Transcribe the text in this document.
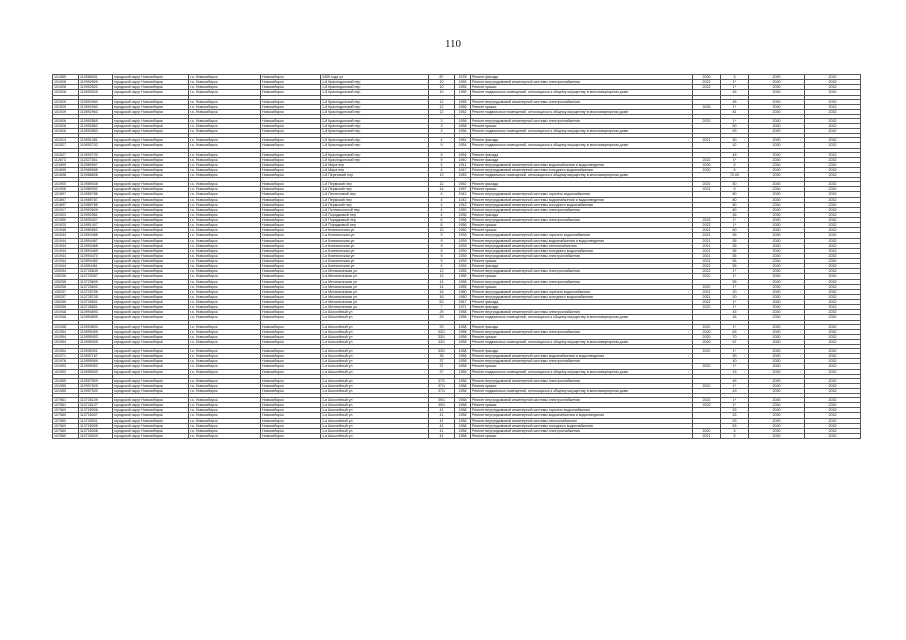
110
101585	110988391	городской округ Новосибирск	г.о. Новосибирск	Новосибирск	1905 года ул	87	1978	Ремонт фасада	2030	3	2030	2032
101928	110992809	городской округ Новосибирск	г.о. Новосибирск	Новосибирск	1-й Краснодонский пер	10	1955	Ремонт внутридомовой инженерной системы электроснабжения	2022	1*	2030	2032
101928	110992822	городской округ Новосибирск	г.о. Новосибирск	Новосибирск	1-й Краснодонский пер	10	1955	Ремонт крыши	2022	1*	2030	2032
101928	110993025	городской округ Новосибирск	г.о. Новосибирск	Новосибирск	1-й Краснодонский пер	10	1955	Ремонт подвальных помещений, относящихся к общему имуществу в многоквартирном доме		45	2030	2032

101929	110992960	городской округ Новосибирск	г.о. Новосибирск	Новосибирск	1-й Краснодонский пер	12	1955	Ремонт внутридомовой инженерной системы электроснабжения		45	2030	2032
101929	110992962	городской округ Новосибирск	г.о. Новосибирск	Новосибирск	1-й Краснодонский пер	12	1955	Ремонт крыши	2025	1*	2030	2032
101929	110992963	городской округ Новосибирск	г.о. Новосибирск	Новосибирск	1-й Краснодонский пер	12	1952	Ремонт подвальных помещений, относящихся к общему имуществу в многоквартирном доме		81	2030	2032

101926	110992869	городской округ Новосибирск	г.о. Новосибирск	Новосибирск	1-й Краснодонский пер	3	1958	Ремонт внутридомовой инженерной системы электроснабжения	2022	1*	2030	2032
101926	110992862	городской округ Новосибирск	г.о. Новосибирск	Новосибирск	1-й Краснодонский пер	3	1958	Ремонт крыши		50	2030	2032
101926	110992863	городской округ Новосибирск	г.о. Новосибирск	Новосибирск	1-й Краснодонский пер	3	1958	Ремонт подвальных помещений, относящихся к общему имуществу в многоквартирном доме		63	2030	2032

101514	110991481	городской округ Новосибирск	г.о. Новосибирск	Новосибирск	1-й Краснодонский пер	4	1952	Ремонт фасада	2021	50	2030	2032
101527	110992702	городской округ Новосибирск	г.о. Новосибирск	Новосибирск	1-й Краснодонский пер	9	1954	Ремонт подвальных помещений, относящихся к общему имуществу в многоквартирном доме		42	2030	2032

101527	110992703	городской округ Новосибирск	г.о. Новосибирск	Новосибирск	1-й Краснодонский пер	9	1954	Ремонт фасада		45	2030	2032
112673	111527381	городской округ Новосибирск	г.о. Новосибирск	Новосибирск	1-й Краснодонский пер	9	1940	Ремонт фасада	2022	1*	2030	2032
101895	110989557	городской округ Новосибирск	г.о. Новосибирск	Новосибирск	1-й Мира пер	4	1941	Ремонт внутридомовой инженерной системы водоснабжения и водоотведения	2030	5	2030	2032
101895	110989565	городской округ Новосибирск	г.о. Новосибирск	Новосибирск	1-й Мира пер	4	1947	Ремонт внутридомовой инженерной системы холодного водоснабжения	2030	5	2030	2032
101898	110988608	городской округ Новосибирск	г.о. Новосибирск	Новосибирск	1-й Перенский пер	10	1953	Ремонт подвальных помещений, относящихся к общему имуществу в многоквартирном доме		70.00	2030	2032

101900	110989048	городской округ Новосибирск	г.о. Новосибирск	Новосибирск	1-й Пермский пер	12	1952	Ремонт фасада	2021	80	2030	2032
101906	110989052	городской округ Новосибирск	г.о. Новосибирск	Новосибирск	1-й Пермский пер	14	1957	Ремонт крыши	2021	5	2030	2032
101897	110989786	городской округ Новосибирск	г.о. Новосибирск	Новосибирск	1-й Пестеловый пер	4	1942	Ремонт внутридомовой инженерной системы горячего водоснабжения		80	2030	2032
101897	110989787	городской округ Новосибирск	г.о. Новосибирск	Новосибирск	1-й Пермский пер	4	1942	Ремонт внутридомовой инженерной системы водоснабжения и водоотведения		80	2030	2032
101897	110989785	городской округ Новосибирск	г.о. Новосибирск	Новосибирск	1-й Пермский пер	4	1942	Ремонт внутридомовой инженерной системы холодного водоснабжения		80	2030	2032
101917	110992609	городской округ Новосибирск	г.о. Новосибирск	Новосибирск	1-й Почтальонный пер	4	1950	Ремонт внутридомовой инженерной системы электроснабжения		80	2030	2032
101923	110992561	городской округ Новосибирск	г.о. Новосибирск	Новосибирск	1-й Порядковый пер	4	1936	Ремонт фасада		45	2030	2032
101950	110993407	городской округ Новосибирск	г.о. Новосибирск	Новосибирск	1-й Порядковый пер	6	1956	Ремонт внутридомовой инженерной системы электроснабжения	2022	1*	2030	2032
101920	110991407	городской округ Новосибирск	г.о. Новосибирск	Новосибирск	1-й Порядковый пер	6	1956	Ремонт крыши	2022	1*	2030	2032
101948	110989562	городской округ Новосибирск	г.о. Новосибирск	Новосибирск	1-я Клиническая ул	12	1960	Ремонт крыши	2021	60	2030	2032
101944	110994466	городской округ Новосибирск	г.о. Новосибирск	Новосибирск	1-я Клиническая ул	9	1939	Ремонт внутридомовой инженерной системы горячего водоснабжения	2021	55	2030	2032
101944	110994467	городской округ Новосибирск	г.о. Новосибирск	Новосибирск	1-я Клиническая ул	9	1939	Ремонт внутридомовой инженерной системы водоснабжения и водоотведения	2021	55	2030	2032
101944	110994468	городской округ Новосибирск	г.о. Новосибирск	Новосибирск	1-я Клиническая ул	9	1939	Ремонт внутридомовой инженерной системы теплоснабжения	2021	55	2030	2032
101944	110994469	городской округ Новосибирск	г.о. Новосибирск	Новосибирск	1-я Клиническая ул	9	1939	Ремонт внутридомовой инженерной системы холодного водоснабжения	2021	55	2030	2032
101944	110994470	городской округ Новосибирск	г.о. Новосибирск	Новосибирск	1-я Клиническая ул	9	1939	Ремонт внутридомовой инженерной системы электроснабжения	2021	55	2030	2032
101944	110994462	городской округ Новосибирск	г.о. Новосибирск	Новосибирск	1-я Клиническая ул	9	1939	Ремонт крыши	2021	55	2030	2032
101944	110994461	городской округ Новосибирск	г.о. Новосибирск	Новосибирск	1-я Клиническая ул	9	1939	Ремонт фасада	2021	55	2030	2032
105254	110725649	городской округ Новосибирск	г.о. Новосибирск	Новосибирск	1-я Механическая ул	12	1955	Ремонт внутридомовой инженерной системы электроснабжения	2022	1*	2030	2032
105256	110725457	городской округ Новосибирск	г.о. Новосибирск	Новосибирск	1-я Механическая ул	12	1955	Ремонт крыши	2022	1*	2030	2032
105256	110725609	городской округ Новосибирск	г.о. Новосибирск	Новосибирск	1-я Механическая ул	14	1958	Ремонт внутридомовой инженерной системы электроснабжения		55	2030	2032
105256	110725602	городской округ Новосибирск	г.о. Новосибирск	Новосибирск	1-я Механическая ул	14	1955	Ремонт крыши	2022	1*	2030	2032
105257	110725706	городской округ Новосибирск	г.о. Новосибирск	Новосибирск	1-я Механическая ул	16	1960	Ремонт внутридомовой инженерной системы горячего водоснабжения	2021	20	2030	2032
105257	110725705	городской округ Новосибирск	г.о. Новосибирск	Новосибирск	1-я Механическая ул	16	1960	Ремонт внутридомовой инженерной системы холодного водоснабжения	2021	20	2030	2032
105260	110726601	городской округ Новосибирск	г.о. Новосибирск	Новосибирск	1-я Механическая ул	3/1	1947	Ремонт фасада	2022	1*	2030	2032
105256	110726801	городской округ Новосибирск	г.о. Новосибирск	Новосибирск	1-я Механическая ул	7	1971	Ремонт фасада	2022	1*	2030	2032
101948	110994893	городской округ Новосибирск	г.о. Новосибирск	Новосибирск	1-я Шоссейный ул	29	1958	Ремонт внутридомовой инженерной системы электроснабжения		45	2030	2032
101948	110994895	городской округ Новосибирск	г.о. Новосибирск	Новосибирск	1-я Шоссейный ул	29	1958	Ремонт подвальных помещений, относящихся к общему имуществу в многоквартирном доме		45	2030	2032

101948	110994894	городской округ Новосибирск	г.о. Новосибирск	Новосибирск	1-я Шоссейный ул	29	1958	Ремонт фасада	2022	1*	2030	2032
101954	110995409	городской округ Новосибирск	г.о. Новосибирск	Новосибирск	1-я Шоссейный ул	33/1	1958	Ремонт внутридомовой инженерной системы электроснабжения	2020	63	2030	2032
101954	110995403	городской округ Новосибирск	г.о. Новосибирск	Новосибирск	1-я Шоссейный ул	33/1	1958	Ремонт крыши	2020	70	2030	2032
101954	110995405	городской округ Новосибирск	г.о. Новосибирск	Новосибирск	1-я Шоссейный ул	33/1	1958	Ремонт подвальных помещений, относящихся к общему имуществу в многоквартирном доме	2020	67	2030	2032

101954	110995401	городской округ Новосибирск	г.о. Новосибирск	Новосибирск	1-я Шоссейный ул	33/1	1958	Ремонт фасада	2022	1*	2030	2032
101971	110997167	городской округ Новосибирск	г.о. Новосибирск	Новосибирск	1-я Шоссейный ул	35	1956	Ремонт внутридомовой инженерной системы водоснабжения и водоотведения		90	2030	2032
101976	110995069	городской округ Новосибирск	г.о. Новосибирск	Новосибирск	1-я Шоссейный ул	37	1958	Ремонт внутридомовой инженерной системы электроснабжения		40	2030	2032
101993	110995052	городской округ Новосибирск	г.о. Новосибирск	Новосибирск	1-я Шоссейный ул	37	1958	Ремонт крыши	2022	1*	2030	2032
101993	110995003	городской округ Новосибирск	г.о. Новосибирск	Новосибирск	1-я Шоссейный ул	37	1958	Ремонт подвальных помещений, относящихся к общему имуществу в многоквартирном доме		43	2030	2032

101955	110997509	городской округ Новосибирск	г.о. Новосибирск	Новосибирск	1-я Шоссейный ул	37/1	1958	Ремонт внутридомовой инженерной системы электроснабжения		45	2030	2032
101955	110997505	городской округ Новосибирск	г.о. Новосибирск	Новосибирск	1-я Шоссейный ул	37/1	1958	Ремонт крыши	2022	1*	2030	2032
101955	110997503	городской округ Новосибирск	г.о. Новосибирск	Новосибирск	1-я Шоссейный ул	37/1	1958	Ремонт подвальных помещений, относящихся к общему имуществу в многоквартирном доме		43	2030	2032

107561	110726109	городской округ Новосибирск	г.о. Новосибирск	Новосибирск	1-я Шоссейный ул	39/1	1958	Ремонт внутридомовой инженерной системы электроснабжения	2022	1*	2030	2032
107561	110726107	городской округ Новосибирск	г.о. Новосибирск	Новосибирск	1-я Шоссейный ул	39/1	1958	Ремонт крыши	2022	1*	2030	2032
107560	110726006	городской округ Новосибирск	г.о. Новосибирск	Новосибирск	1-я Шоссейный ул	41	1958	Ремонт внутридомовой инженерной системы горячего водоснабжения		53	2030	2032
107560	110726007	городской округ Новосибирск	г.о. Новосибирск	Новосибирск	1-я Шоссейный ул	41	1958	Ремонт внутридомовой инженерной системы водоснабжения и водоотведения		53	2030	2032
107560	110726001	городской округ Новосибирск	г.о. Новосибирск	Новосибирск	1-я Шоссейный ул	41	1958	Ремонт внутридомовой инженерной системы теплоснабжения		53	2030	2032
107560	110726005	городской округ Новосибирск	г.о. Новосибирск	Новосибирск	1-я Шоссейный ул	41	1958	Ремонт внутридомовой инженерной системы холодного водоснабжения		53	2030	2032
107560	110726008	городской округ Новосибирск	г.о. Новосибирск	Новосибирск	1-я Шоссейный ул	41	1958	Ремонт внутридомовой инженерной системы электроснабжения	2020	5	2030	2032
107560	110726009	городской округ Новосибирск	г.о. Новосибирск	Новосибирск	1-я Шоссейный ул	41	1958	Ремонт крыши	2021	5	2030	2032
